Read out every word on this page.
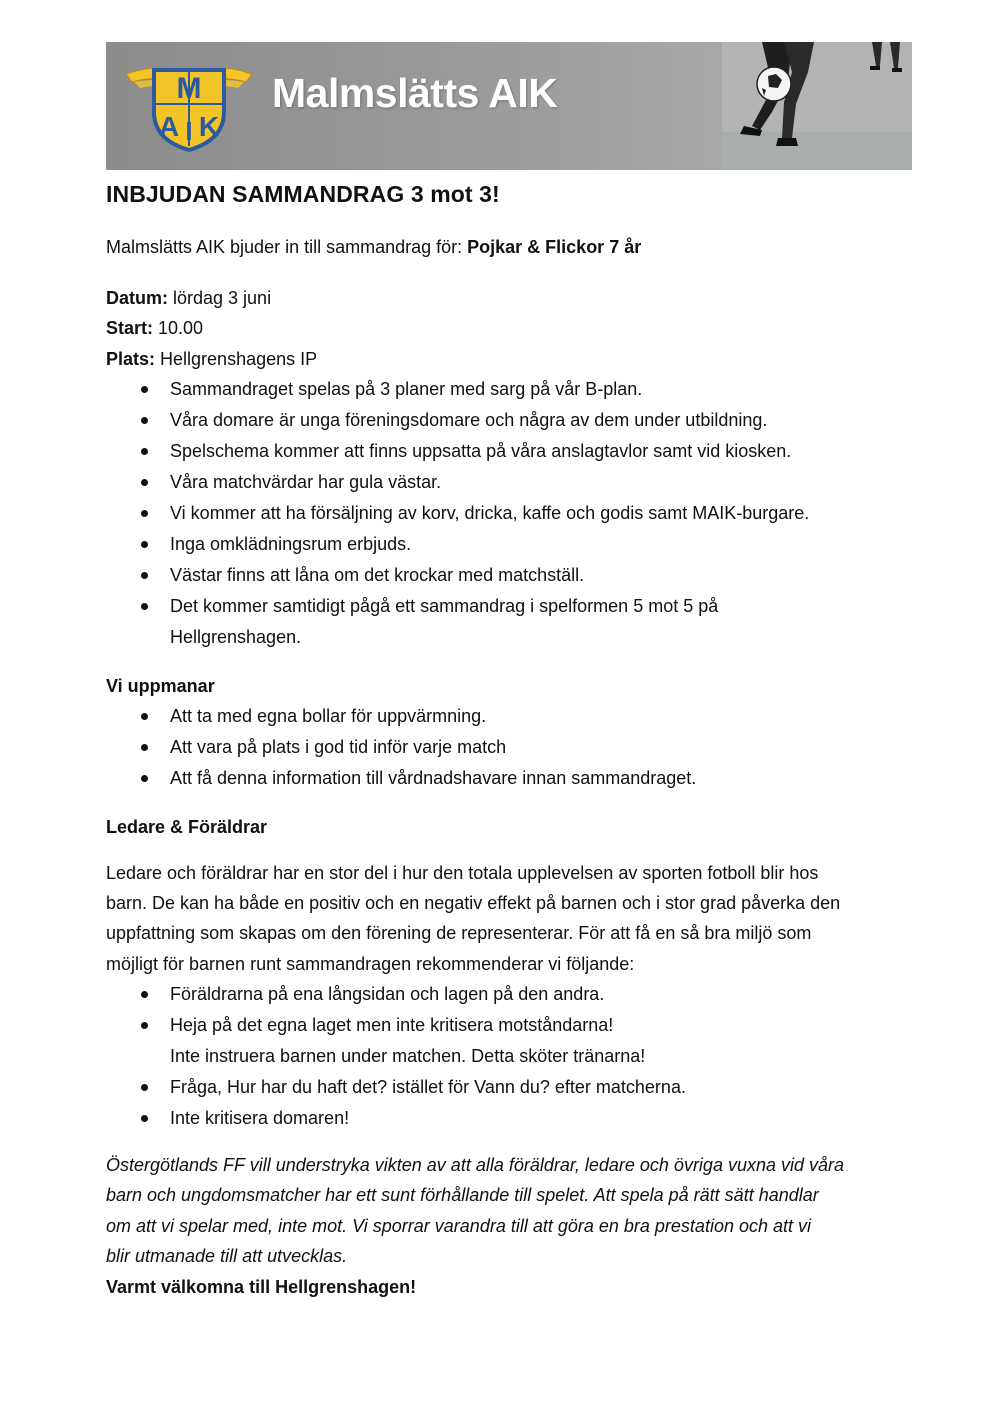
M
A I K
Malmslätts AIK
INBJUDAN SAMMANDRAG 3 mot 3!

Malmslätts AIK bjuder in till sammandrag för: Pojkar & Flickor 7 år

Datum: lördag 3 juni

Start: 10.00

Plats: Hellgrenshagens IP

Sammandraget spelas på 3 planer med sarg på vår B-plan.
Våra domare är unga föreningsdomare och några av dem under utbildning.
Spelschema kommer att finns uppsatta på våra anslagtavlor samt vid kiosken.
Våra matchvärdar har gula västar.
Vi kommer att ha försäljning av korv, dricka, kaffe och godis samt MAIK-burgare.
Inga omklädningsrum erbjuds.
Västar finns att låna om det krockar med matchställ.
Det kommer samtidigt pågå ett sammandrag i spelformen 5 mot 5 på
Hellgrenshagen.
Vi uppmanar
Att ta med egna bollar för uppvärmning.
Att vara på plats i god tid inför varje match
Att få denna information till vårdnadshavare innan sammandraget.
Ledare & Föräldrar

Ledare och föräldrar har en stor del i hur den totala upplevelsen av sporten fotboll blir hos
barn. De kan ha både en positiv och en negativ effekt på barnen och i stor grad påverka den
uppfattning som skapas om den förening de representerar. För att få en så bra miljö som
möjligt för barnen runt sammandragen rekommenderar vi följande:

Föräldrarna på ena långsidan och lagen på den andra.
Heja på det egna laget men inte kritisera motståndarna!
Inte instruera barnen under matchen. Detta sköter tränarna!
Fråga, Hur har du haft det? istället för Vann du? efter matcherna.
Inte kritisera domaren!

Östergötlands FF vill understryka vikten av att alla föräldrar, ledare och övriga vuxna vid våra
barn och ungdomsmatcher har ett sunt förhållande till spelet. Att spela på rätt sätt handlar
om att vi spelar med, inte mot. Vi sporrar varandra till att göra en bra prestation och att vi
blir utmanade till att utvecklas.

Varmt välkomna till Hellgrenshagen!
